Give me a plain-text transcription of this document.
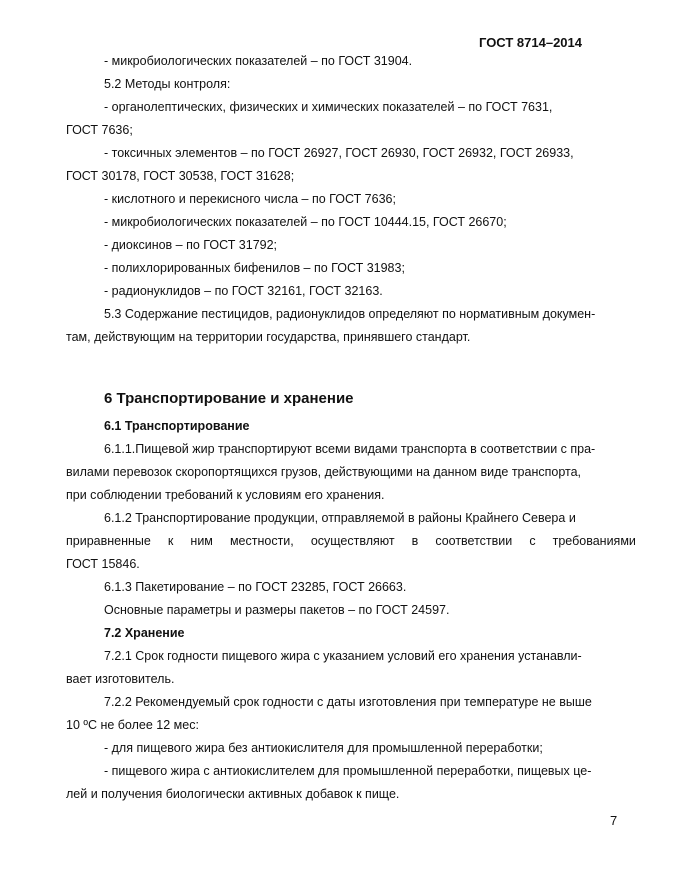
ГОСТ 8714–2014
- микробиологических показателей – по ГОСТ 31904.
5.2 Методы контроля:
- органолептических, физических и химических показателей – по ГОСТ 7631,
ГОСТ 7636;
- токсичных элементов – по ГОСТ 26927, ГОСТ 26930, ГОСТ 26932, ГОСТ 26933,
ГОСТ 30178, ГОСТ 30538, ГОСТ 31628;
- кислотного и перекисного числа – по ГОСТ 7636;
- микробиологических показателей – по ГОСТ 10444.15, ГОСТ 26670;
- диоксинов – по ГОСТ 31792;
- полихлорированных бифенилов – по ГОСТ 31983;
- радионуклидов – по ГОСТ 32161, ГОСТ 32163.
5.3 Содержание пестицидов, радионуклидов определяют по нормативным докумен-
там, действующим на территории государства, принявшего стандарт.
6 Транспортирование и хранение
6.1 Транспортирование
6.1.1.Пищевой жир транспортируют всеми видами транспорта в соответствии с пра-
вилами перевозок скоропортящихся грузов, действующими на данном виде транспорта,
при соблюдении требований к условиям его хранения.
6.1.2 Транспортирование продукции, отправляемой в районы Крайнего Севера и
приравненные к ним местности, осуществляют в соответствии с требованиями
ГОСТ 15846.
6.1.3 Пакетирование – по ГОСТ 23285, ГОСТ 26663.
Основные параметры и размеры пакетов – по ГОСТ 24597.
7.2 Хранение
7.2.1 Срок годности пищевого жира с указанием условий его хранения устанавли-
вает изготовитель.
7.2.2 Рекомендуемый срок годности с даты изготовления при температуре не выше
10 ºС не более 12 мес:
- для пищевого жира без антиокислителя для промышленной переработки;
- пищевого жира с антиокислителем для промышленной переработки, пищевых це-
лей и получения биологически активных добавок к пище.
7
